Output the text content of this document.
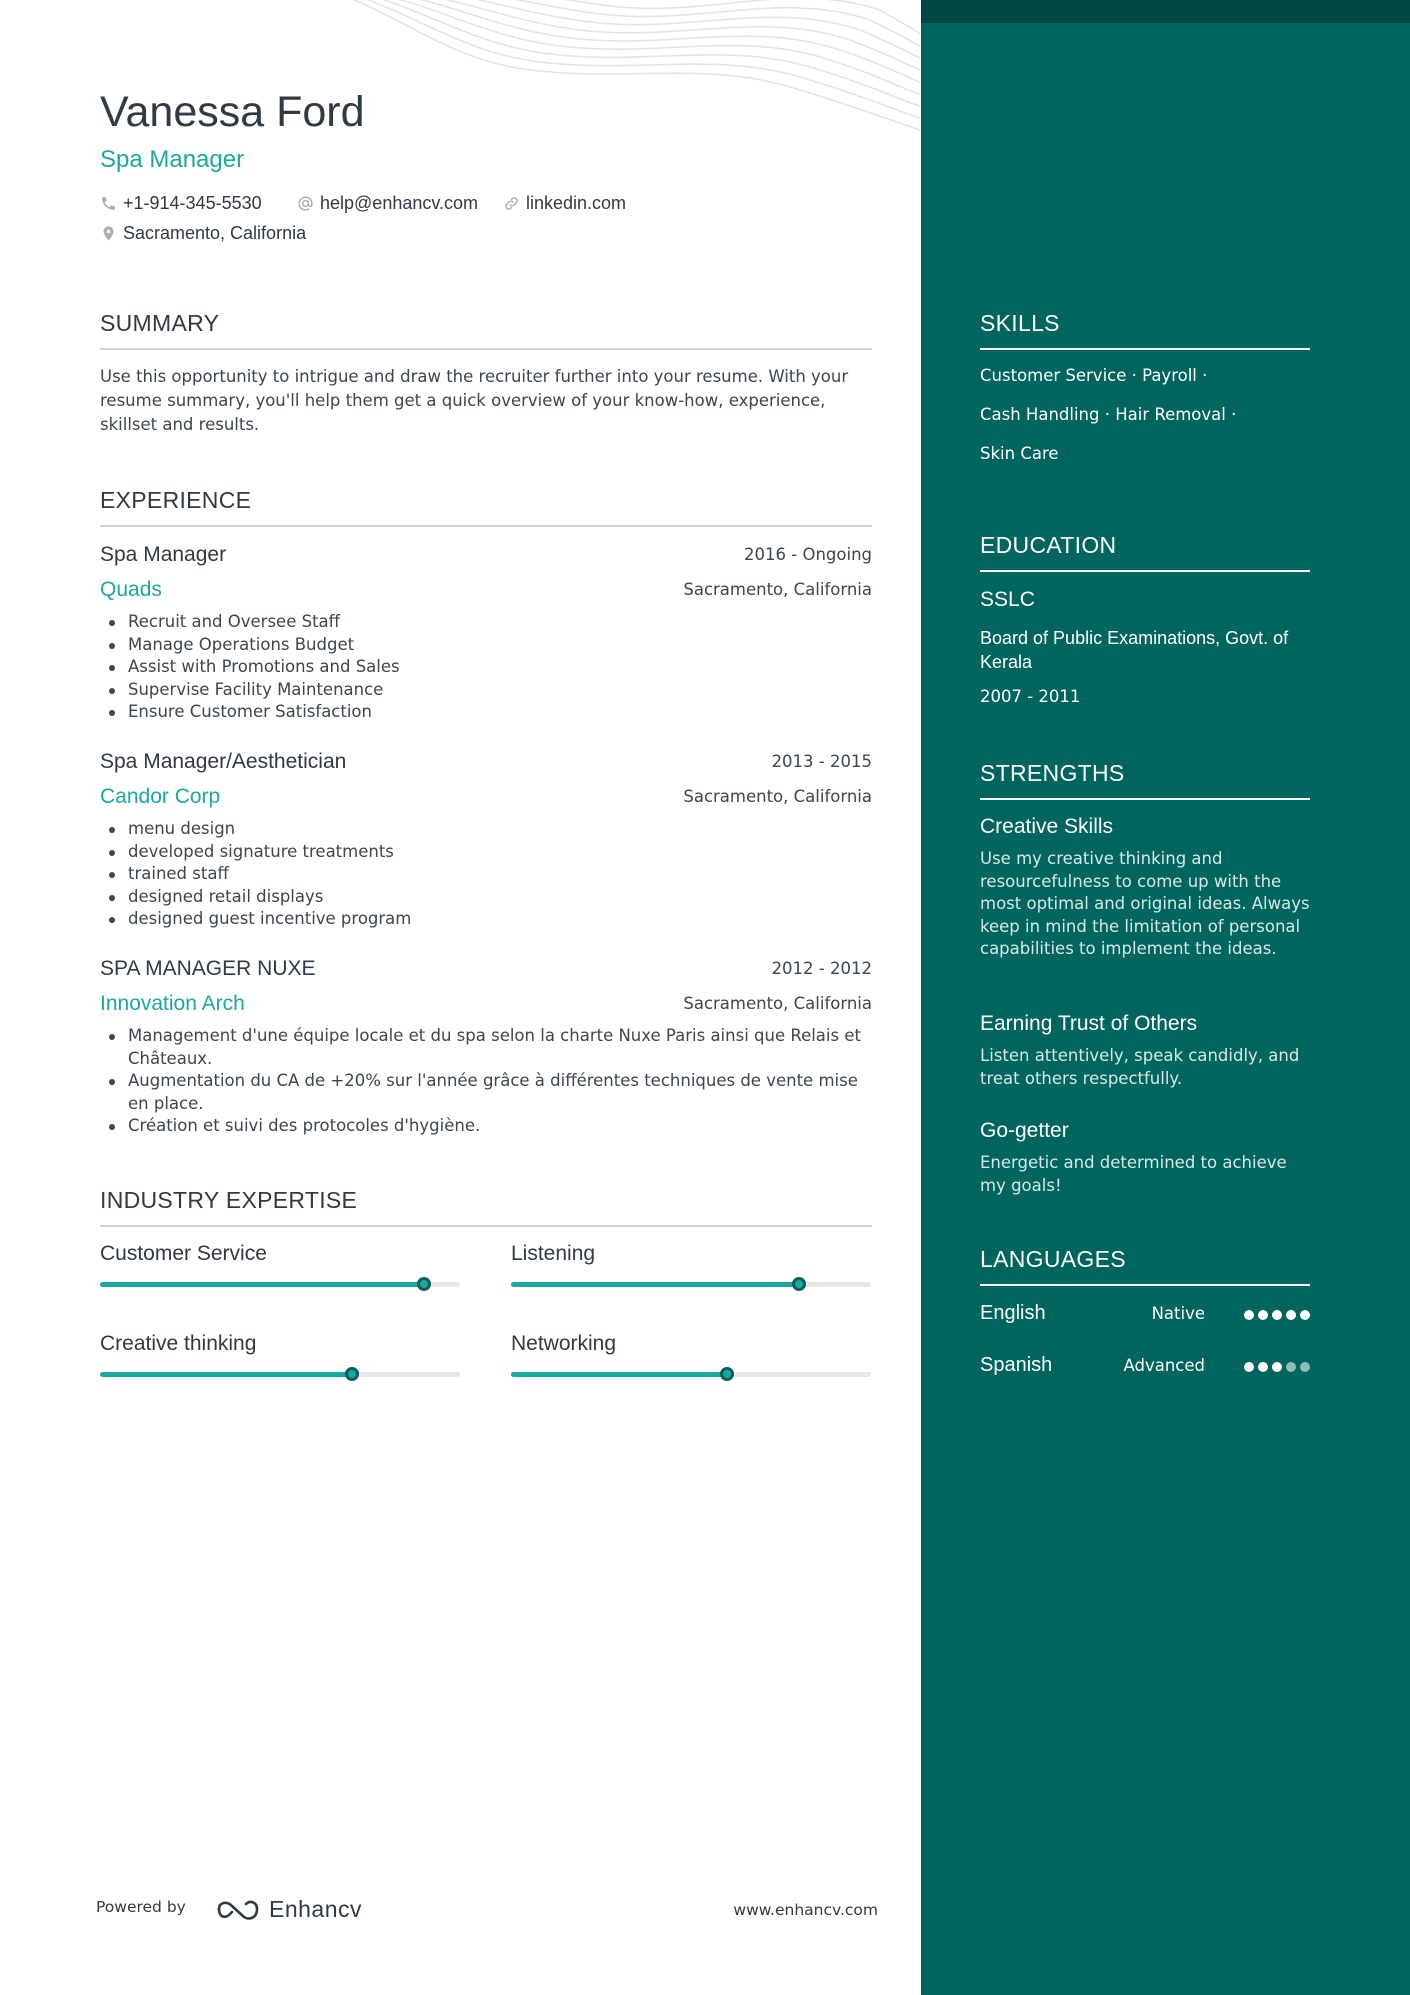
Vanessa Ford
Spa Manager
+1-914-345-5530	help@enhancv.com	linkedin.com
Sacramento, California
SUMMARY
Use this opportunity to intrigue and draw the recruiter further into your resume. With your resume summary, you'll help them get a quick overview of your know-how, experience, skillset and results.
EXPERIENCE
Spa Manager	2016 - Ongoing
Quads	Sacramento, California
Recruit and Oversee Staff
Manage Operations Budget
Assist with Promotions and Sales
Supervise Facility Maintenance
Ensure Customer Satisfaction
Spa Manager/Aesthetician	2013 - 2015
Candor Corp	Sacramento, California
menu design
developed signature treatments
trained staff
designed retail displays
designed guest incentive program
SPA MANAGER NUXE	2012 - 2012
Innovation Arch	Sacramento, California
Management d'une équipe locale et du spa selon la charte Nuxe Paris ainsi que Relais et Châteaux.
Augmentation du CA de +20% sur l'année grâce à différentes techniques de vente mise en place.
Création et suivi des protocoles d'hygiène.
INDUSTRY EXPERTISE
Customer Service	Listening
Creative thinking	Networking
Powered by	Enhancv	www.enhancv.com
SKILLS
Customer Service · Payroll ·
Cash Handling · Hair Removal ·
Skin Care
EDUCATION
SSLC
Board of Public Examinations, Govt. of Kerala
2007 - 2011
STRENGTHS
Creative Skills
Use my creative thinking and resourcefulness to come up with the most optimal and original ideas. Always keep in mind the limitation of personal capabilities to implement the ideas.
Earning Trust of Others
Listen attentively, speak candidly, and treat others respectfully.
Go-getter
Energetic and determined to achieve my goals!
LANGUAGES
English	Native
Spanish	Advanced
